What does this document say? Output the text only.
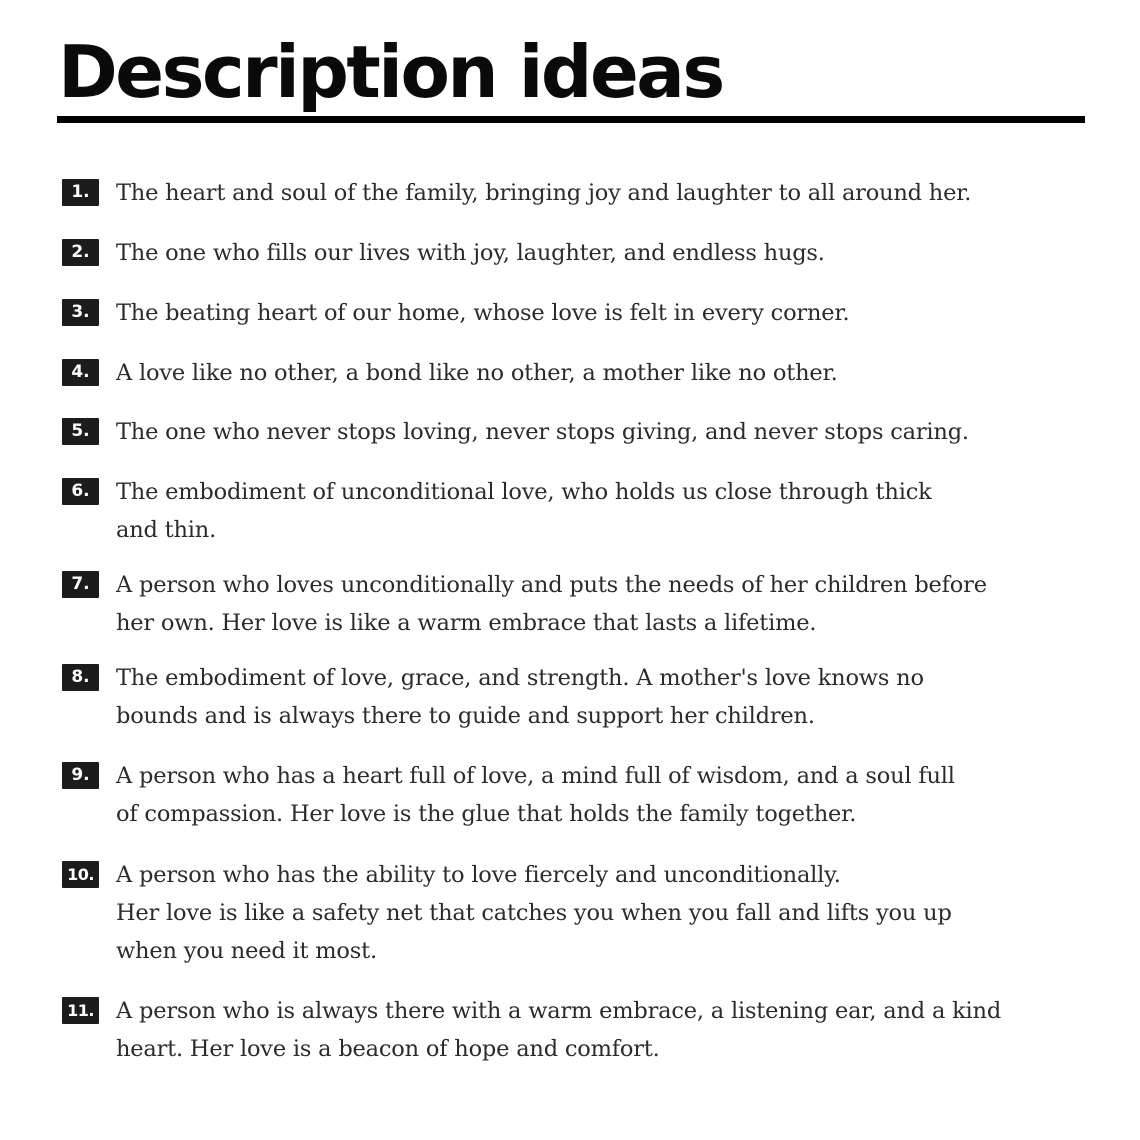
Description ideas
1.	The heart and soul of the family, bringing joy and laughter to all around her.
2.	The one who fills our lives with joy, laughter, and endless hugs.
3.	The beating heart of our home, whose love is felt in every corner.
4.	A love like no other, a bond like no other, a mother like no other.
5.	The one who never stops loving, never stops giving, and never stops caring.
6.	The embodiment of unconditional love, who holds us close through thick
and thin.
7.	A person who loves unconditionally and puts the needs of her children before
her own. Her love is like a warm embrace that lasts a lifetime.
8.	The embodiment of love, grace, and strength. A mother's love knows no
bounds and is always there to guide and support her children.
9.	A person who has a heart full of love, a mind full of wisdom, and a soul full
of compassion. Her love is the glue that holds the family together.
10. A person who has the ability to love fiercely and unconditionally.
Her love is like a safety net that catches you when you fall and lifts you up
when you need it most.
11. A person who is always there with a warm embrace, a listening ear, and a kind
heart. Her love is a beacon of hope and comfort.
